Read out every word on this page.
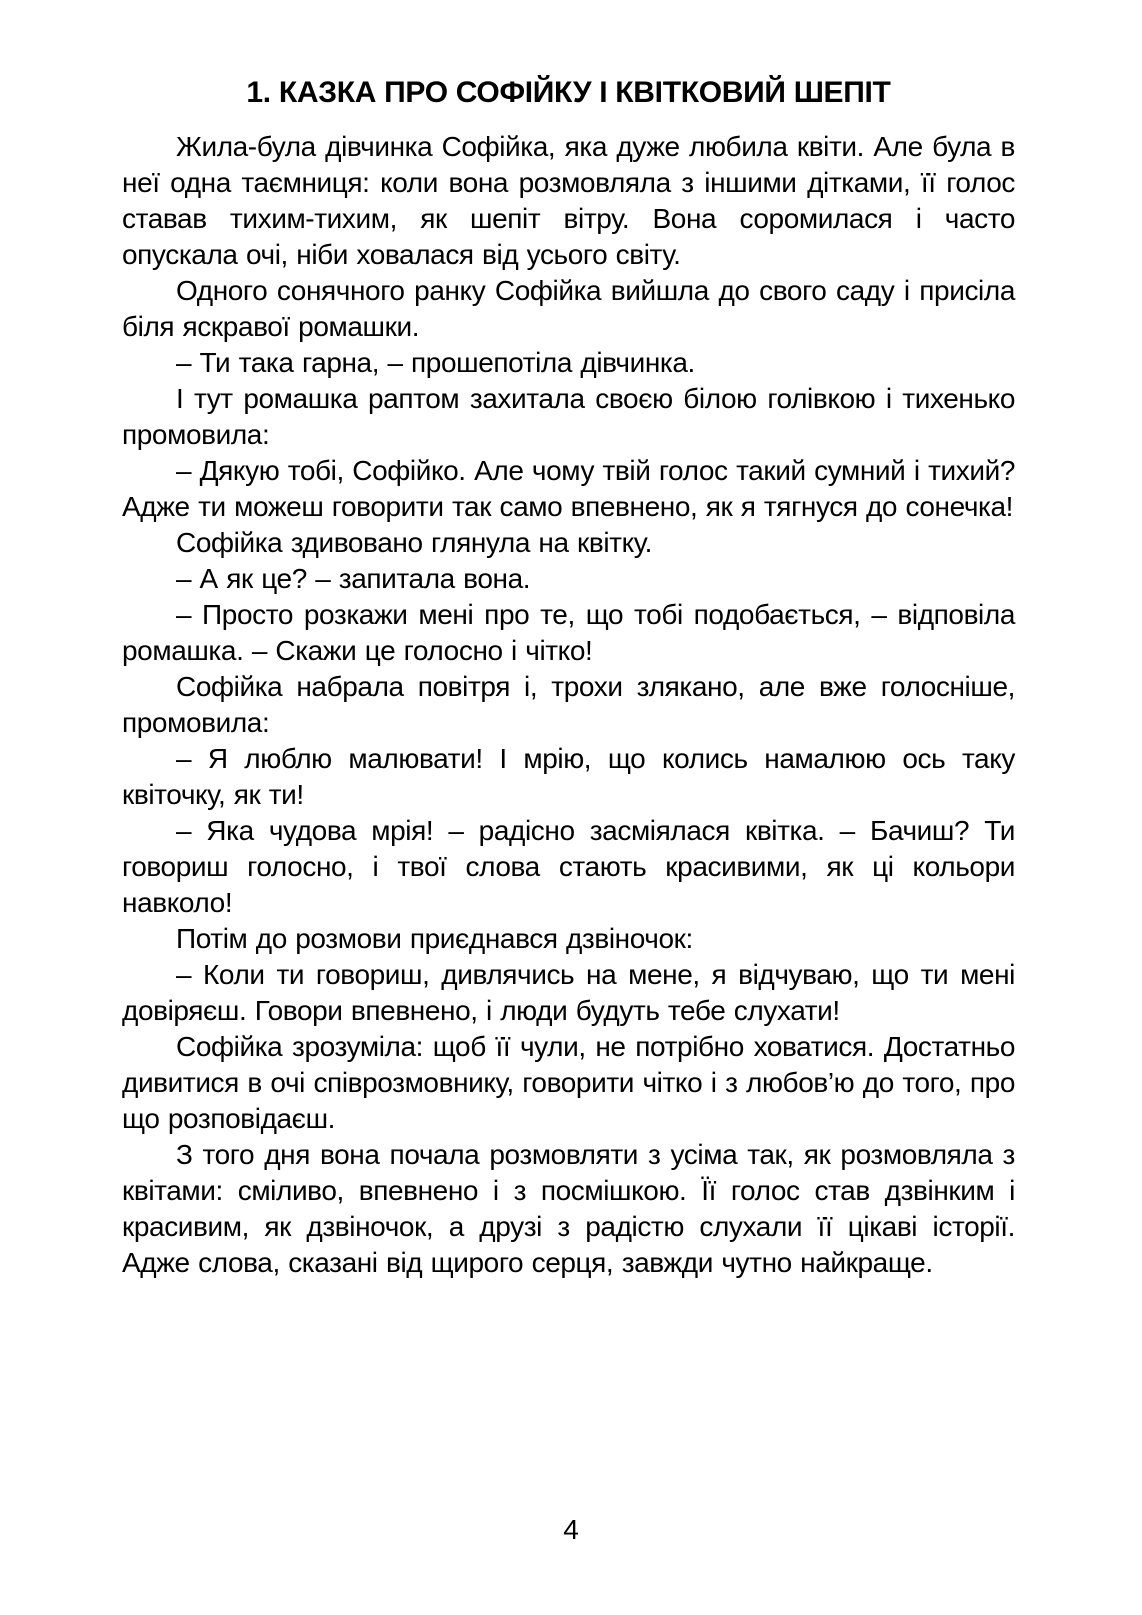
1. КАЗКА ПРО СОФІЙКУ І КВІТКОВИЙ ШЕПІТ

Жила-була дівчинка Софійка, яка дуже любила квіти. Але була в неї одна таємниця: коли вона розмовляла з іншими дітками, її голос ставав тихим-тихим, як шепіт вітру. Вона соромилася і часто опускала очі, ніби ховалася від усього світу.

Одного сонячного ранку Софійка вийшла до свого саду і присіла біля яскравої ромашки.

– Ти така гарна, – прошепотіла дівчинка.

І тут ромашка раптом захитала своєю білою голівкою і тихенько промовила:

– Дякую тобі, Софійко. Але чому твій голос такий сумний і тихий? Адже ти можеш говорити так само впевнено, як я тягнуся до сонечка!

Софійка здивовано глянула на квітку.

– А як це? – запитала вона.

– Просто розкажи мені про те, що тобі подобається, – відповіла ромашка. – Скажи це голосно і чітко!

Софійка набрала повітря і, трохи злякано, але вже голосніше, промовила:

– Я люблю малювати! І мрію, що колись намалюю ось таку квіточку, як ти!

– Яка чудова мрія! – радісно засміялася квітка. – Бачиш? Ти говориш голосно, і твої слова стають красивими, як ці кольори навколо!

Потім до розмови приєднався дзвіночок:

– Коли ти говориш, дивлячись на мене, я відчуваю, що ти мені довіряєш. Говори впевнено, і люди будуть тебе слухати!

Софійка зрозуміла: щоб її чули, не потрібно ховатися. Достатньо дивитися в очі співрозмовнику, говорити чітко і з любов’ю до того, про що розповідаєш.

З того дня вона почала розмовляти з усіма так, як розмовляла з квітами: сміливо, впевнено і з посмішкою. Її голос став дзвінким і красивим, як дзвіночок, а друзі з радістю слухали її цікаві історії. Адже слова, сказані від щирого серця, завжди чутно найкраще.

4
